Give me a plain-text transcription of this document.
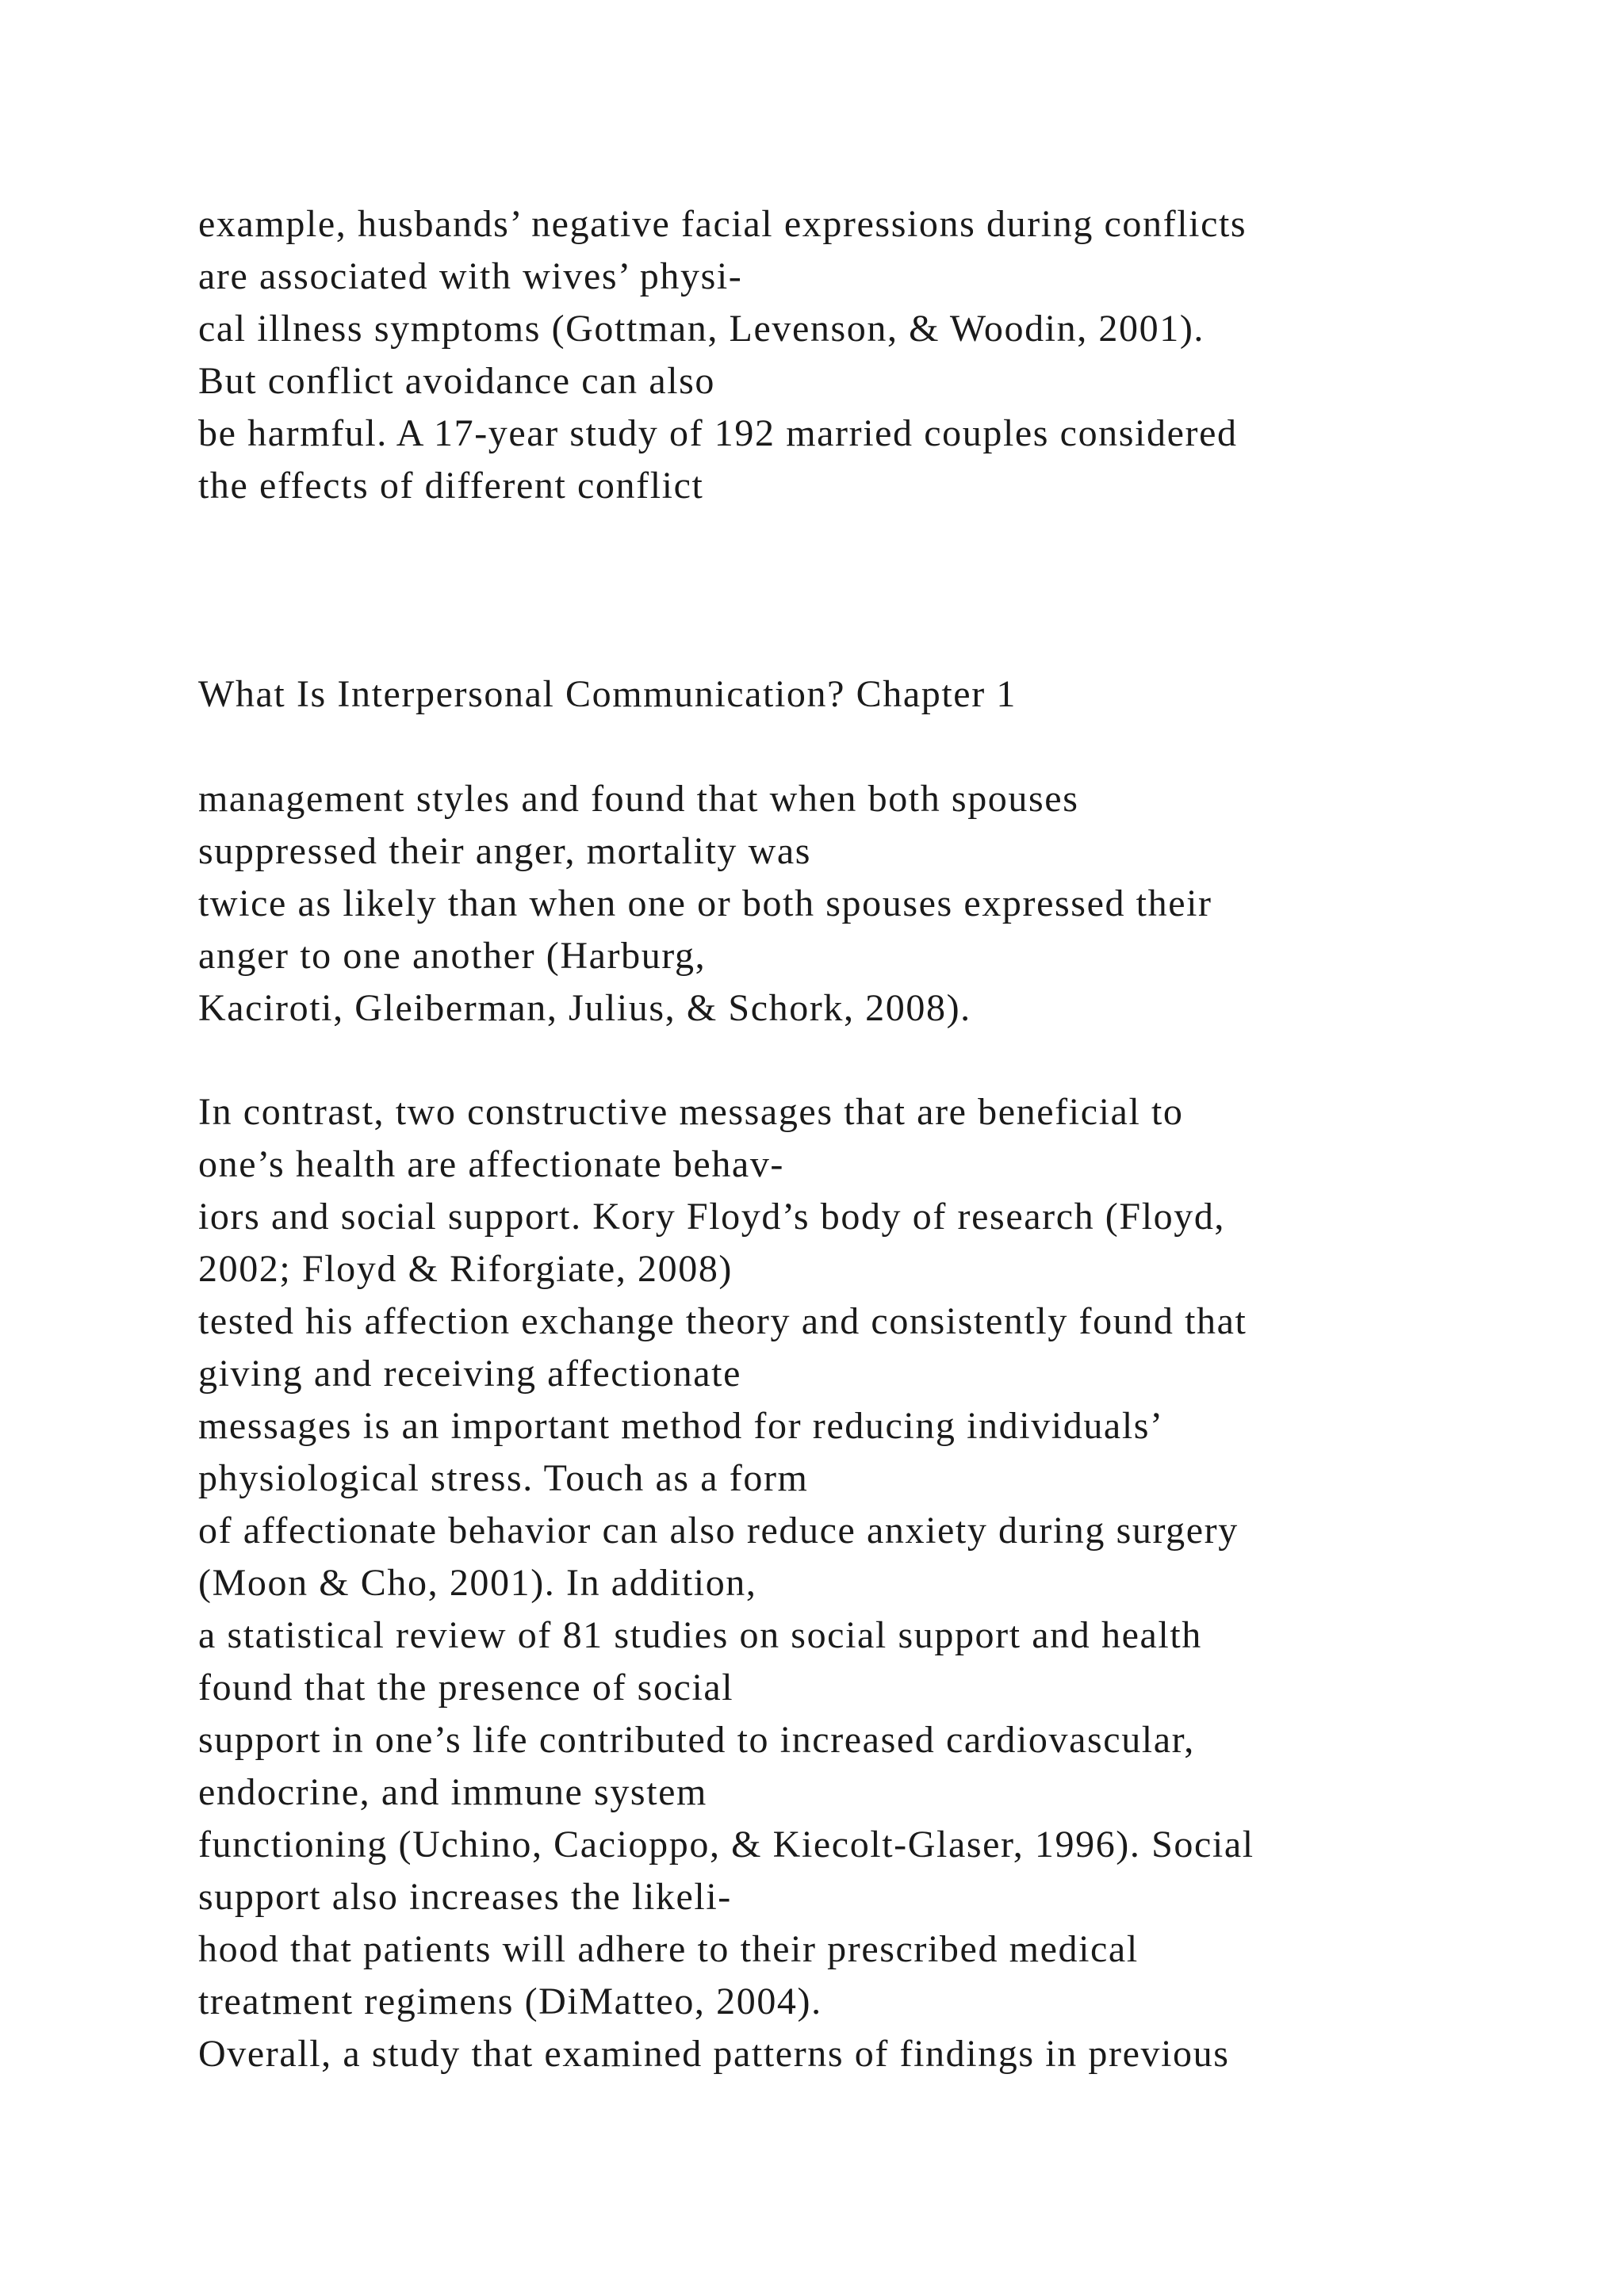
example, husbands’ negative facial expressions during conflicts
are associated with wives’ physi-
cal illness symptoms (Gottman, Levenson, & Woodin, 2001).
But conflict avoidance can also
be harmful. A 17-year study of 192 married couples considered
the effects of different conflict

What Is Interpersonal Communication? Chapter 1

management styles and found that when both spouses
suppressed their anger, mortality was
twice as likely than when one or both spouses expressed their
anger to one another (Harburg,
Kaciroti, Gleiberman, Julius, & Schork, 2008).

In contrast, two constructive messages that are beneficial to
one’s health are affectionate behav-
iors and social support. Kory Floyd’s body of research (Floyd,
2002; Floyd & Riforgiate, 2008)
tested his affection exchange theory and consistently found that
giving and receiving affectionate
messages is an important method for reducing individuals’
physiological stress. Touch as a form
of affectionate behavior can also reduce anxiety during surgery
(Moon & Cho, 2001). In addition,
a statistical review of 81 studies on social support and health
found that the presence of social
support in one’s life contributed to increased cardiovascular,
endocrine, and immune system
functioning (Uchino, Cacioppo, & Kiecolt-Glaser, 1996). Social
support also increases the likeli-
hood that patients will adhere to their prescribed medical
treatment regimens (DiMatteo, 2004).
Overall, a study that examined patterns of findings in previous
